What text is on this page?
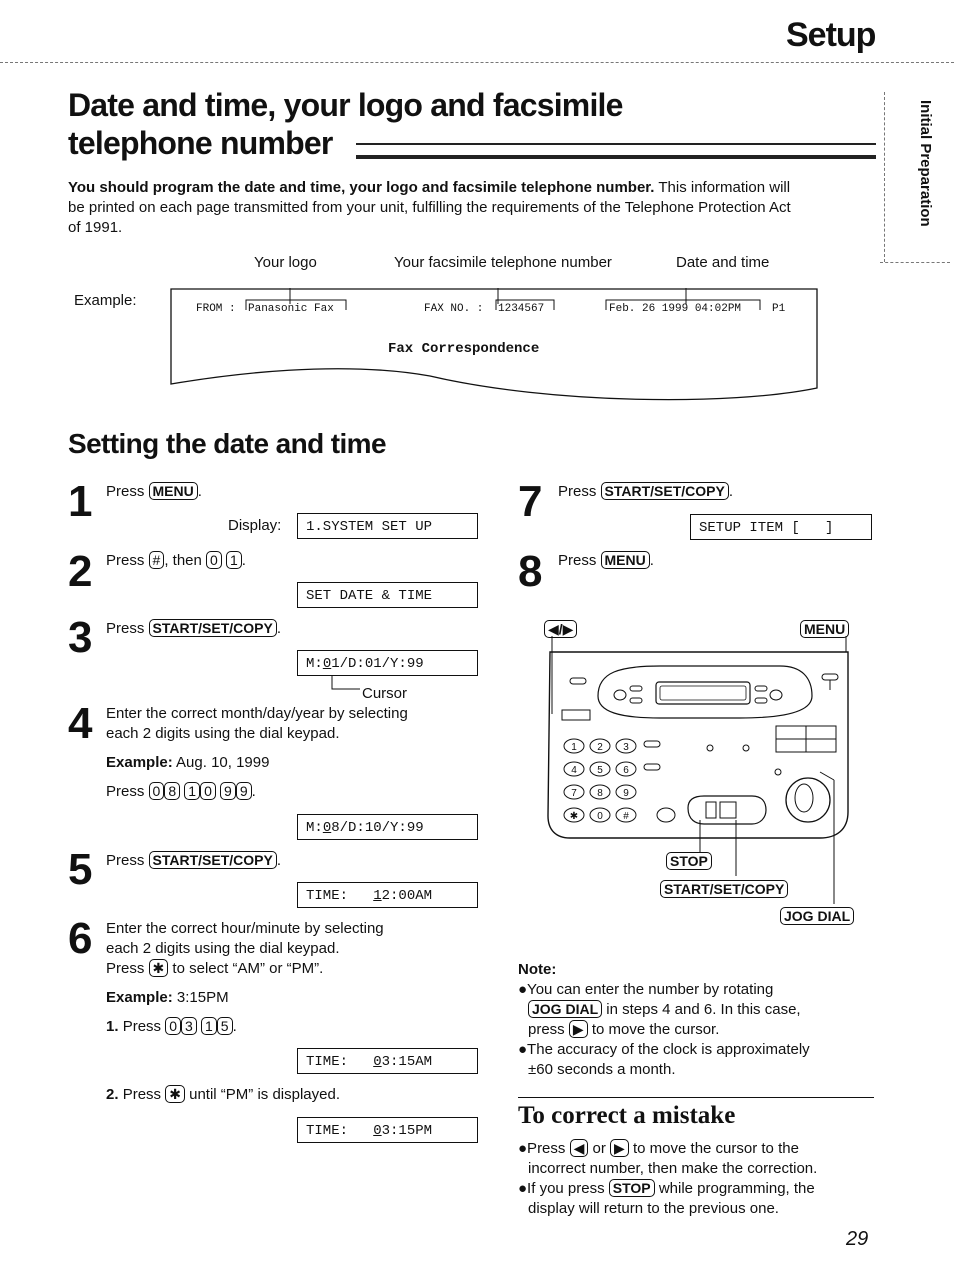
Setup
Date and time, your logo and facsimile
telephone number	Initial Preparation
You should program the date and time, your logo and facsimile telephone number. This information will
be printed on each page transmitted from your unit, fulfilling the requirements of the Telephone Protection Act
of 1991.
Your logo	Your facsimile telephone number	Date and time
Example:	FROM : Panasonic Fax	FAX NO. : 1234567	Feb. 26 1999 04:02PM	P1
Fax Correspondence
Setting the date and time
1 Press MENU .
Display:	1.SYSTEM SET UP
2 Press # , then 0 1 .
SET DATE & TIME
3 Press START/SET/COPY .
M:01/D:01/Y:99
Cursor
4 Enter the correct month/day/year by selecting
each 2 digits using the dial keypad.
Example: Aug. 10, 1999
Press 0 8 1 0 9 9 .
M:08/D:10/Y:99
5 Press START/SET/COPY .
TIME:   12:00AM
6 Enter the correct hour/minute by selecting
each 2 digits using the dial keypad.
Press ✱ to select “AM” or “PM”.
Example: 3:15PM
1. Press 0 3 1 5 .
TIME:   03:15AM
2. Press ✱ until “PM” is displayed.
TIME:   03:15PM
7 Press START/SET/COPY .
SETUP ITEM [   ]
8 Press MENU .
1 2 3
4 5 6
7 8 9
✱ 0 #
◀/▶	MENU
STOP
START/SET/COPY
JOG DIAL
Note:
●You can enter the number by rotating
JOG DIAL in steps 4 and 6. In this case,
press ▶ to move the cursor.
●The accuracy of the clock is approximately
±60 seconds a month.
To correct a mistake
●Press ◀ or ▶ to move the cursor to the
incorrect number, then make the correction.
●If you press STOP while programming, the
display will return to the previous one.
29
